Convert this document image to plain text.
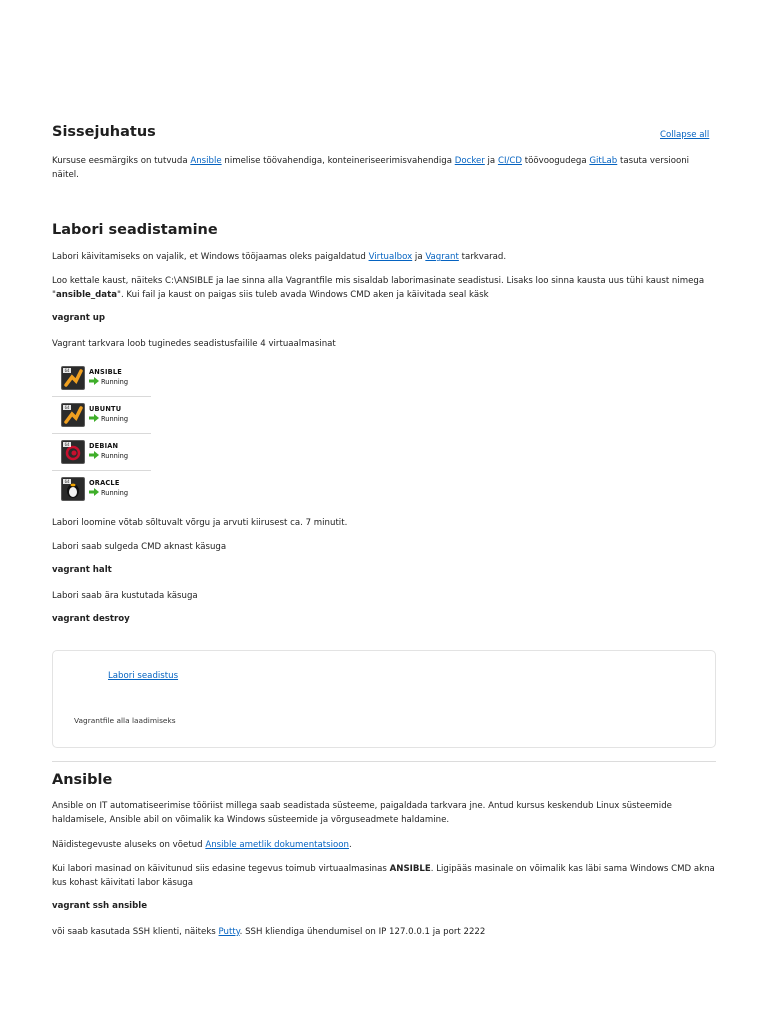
Sissejuhatus	Collapse all

Kursuse eesmärgiks on tutvuda Ansible nimelise töövahendiga, konteineriseerimisvahendiga Docker ja CI/CD töövoogudega GitLab tasuta versiooni näitel.

Labori seadistamine

Labori käivitamiseks on vajalik, et Windows tööjaamas oleks paigaldatud Virtualbox ja Vagrant tarkvarad.

Loo kettale kaust, näiteks C:\ANSIBLE ja lae sinna alla Vagrantfile mis sisaldab laborimasinate seadistusi. Lisaks loo sinna kausta uus tühi kaust nimega "ansible_data". Kui fail ja kaust on paigas siis tuleb avada Windows CMD aken ja käivitada seal käsk

vagrant up

Vagrant tarkvara loob tuginedes seadistusfailile 4 virtuaalmasinat

64	ANSIBLE
Running
64	UBUNTU
Running
64	DEBIAN
Running
64	ORACLE
Running

Labori loomine võtab sõltuvalt võrgu ja arvuti kiirusest ca. 7 minutit.

Labori saab sulgeda CMD aknast käsuga

vagrant halt

Labori saab ära kustutada käsuga

vagrant destroy
Labori seadistus
Vagrantfile alla laadimiseks
Ansible

Ansible on IT automatiseerimise tööriist millega saab seadistada süsteeme, paigaldada tarkvara jne. Antud kursus keskendub Linux süsteemide haldamisele, Ansible abil on võimalik ka Windows süsteemide ja võrguseadmete haldamine.

Näidistegevuste aluseks on võetud Ansible ametlik dokumentatsioon.

Kui labori masinad on käivitunud siis edasine tegevus toimub virtuaalmasinas ANSIBLE. Ligipääs masinale on võimalik kas läbi sama Windows CMD akna kus kohast käivitati labor käsuga

vagrant ssh ansible

või saab kasutada SSH klienti, näiteks Putty. SSH kliendiga ühendumisel on IP 127.0.0.1 ja port 2222
